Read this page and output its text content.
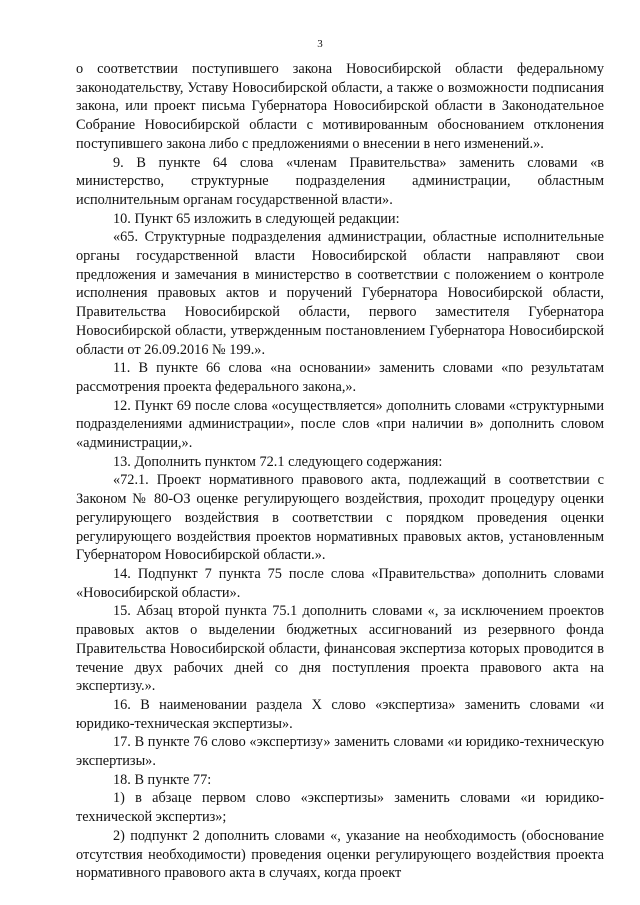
3

о соответствии поступившего закона Новосибирской области федеральному законодательству, Уставу Новосибирской области, а также о возможности подписания закона, или проект письма Губернатора Новосибирской области в Законодательное Собрание Новосибирской области с мотивированным обоснованием отклонения поступившего закона либо с предложениями о внесении в него изменений.».

9. В пункте 64 слова «членам Правительства» заменить словами «в министерство, структурные подразделения администрации, областным исполнительным органам государственной власти».

10. Пункт 65 изложить в следующей редакции:

«65. Структурные подразделения администрации, областные исполнительные органы государственной власти Новосибирской области направляют свои предложения и замечания в министерство в соответствии с положением о контроле исполнения правовых актов и поручений Губернатора Новосибирской области, Правительства Новосибирской области, первого заместителя Губернатора Новосибирской области, утвержденным постановлением Губернатора Новосибирской области от 26.09.2016 № 199.».

11. В пункте 66 слова «на основании» заменить словами «по результатам рассмотрения проекта федерального закона,».

12. Пункт 69 после слова «осуществляется» дополнить словами «структурными подразделениями администрации», после слов «при наличии в» дополнить словом «администрации,».

13. Дополнить пунктом 72.1 следующего содержания:

«72.1. Проект нормативного правового акта, подлежащий в соответствии с Законом № 80-ОЗ оценке регулирующего воздействия, проходит процедуру оценки регулирующего воздействия в соответствии с порядком проведения оценки регулирующего воздействия проектов нормативных правовых актов, установленным Губернатором Новосибирской области.».

14. Подпункт 7 пункта 75 после слова «Правительства» дополнить словами «Новосибирской области».

15. Абзац второй пункта 75.1 дополнить словами «, за исключением проектов правовых актов о выделении бюджетных ассигнований из резервного фонда Правительства Новосибирской области, финансовая экспертиза которых проводится в течение двух рабочих дней со дня поступления проекта правового акта на экспертизу.».

16. В наименовании раздела X слово «экспертиза» заменить словами «и юридико-техническая экспертизы».

17. В пункте 76 слово «экспертизу» заменить словами «и юридико-техническую экспертизы».

18. В пункте 77:

1) в абзаце первом слово «экспертизы» заменить словами «и юридико-технической экспертиз»;

2) подпункт 2 дополнить словами «, указание на необходимость (обоснование отсутствия необходимости) проведения оценки регулирующего воздействия проекта нормативного правового акта в случаях, когда проект
